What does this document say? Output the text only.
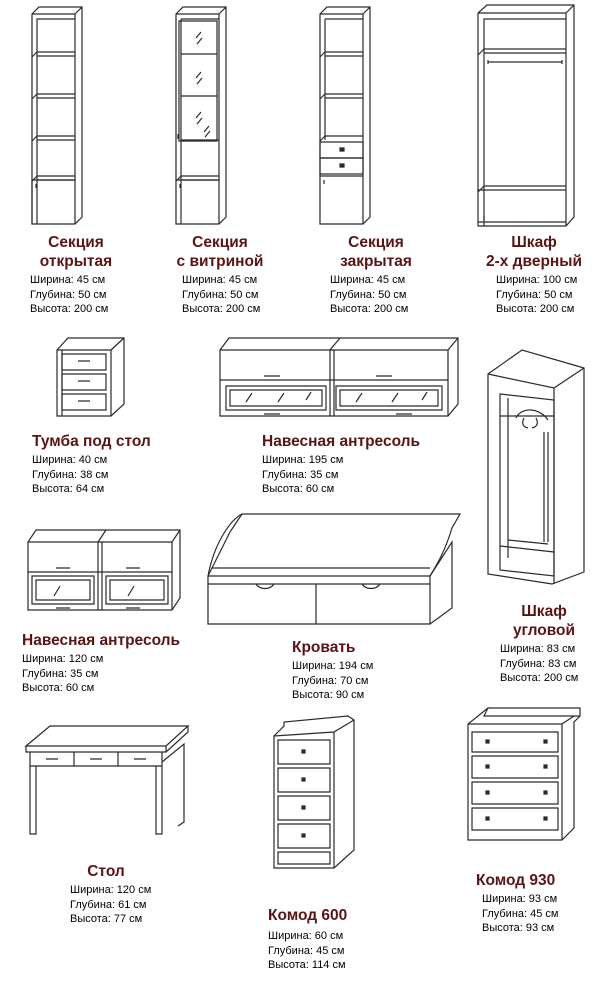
Секция
открытая
Ширина: 45 см
Глубина: 50 см
Высота: 200 см
Секция
с витриной
Ширина: 45 см
Глубина: 50 см
Высота: 200 см
Секция
закрытая
Ширина: 45 см
Глубина: 50 см
Высота: 200 см
Шкаф
2-х дверный
Ширина: 100 см
Глубина: 50 см
Высота: 200 см
Тумба под стол
Ширина: 40 см
Глубина: 38 см
Высота: 64 см
Навесная антресоль
Ширина: 195 см
Глубина: 35 см
Высота: 60 см
Шкаф
угловой
Ширина: 83 см
Глубина: 83 см
Высота: 200 см
Навесная антресоль
Ширина: 120 см
Глубина: 35 см
Высота: 60 см
Кровать
Ширина: 194 см
Глубина: 70 см
Высота: 90 см
Стол
Ширина: 120 см
Глубина: 61 см
Высота: 77 см	Комод 600
Ширина: 60 см
Глубина: 45 см
Высота: 114 см
Комод 930
Ширина: 93 см
Глубина: 45 см
Высота: 93 см
